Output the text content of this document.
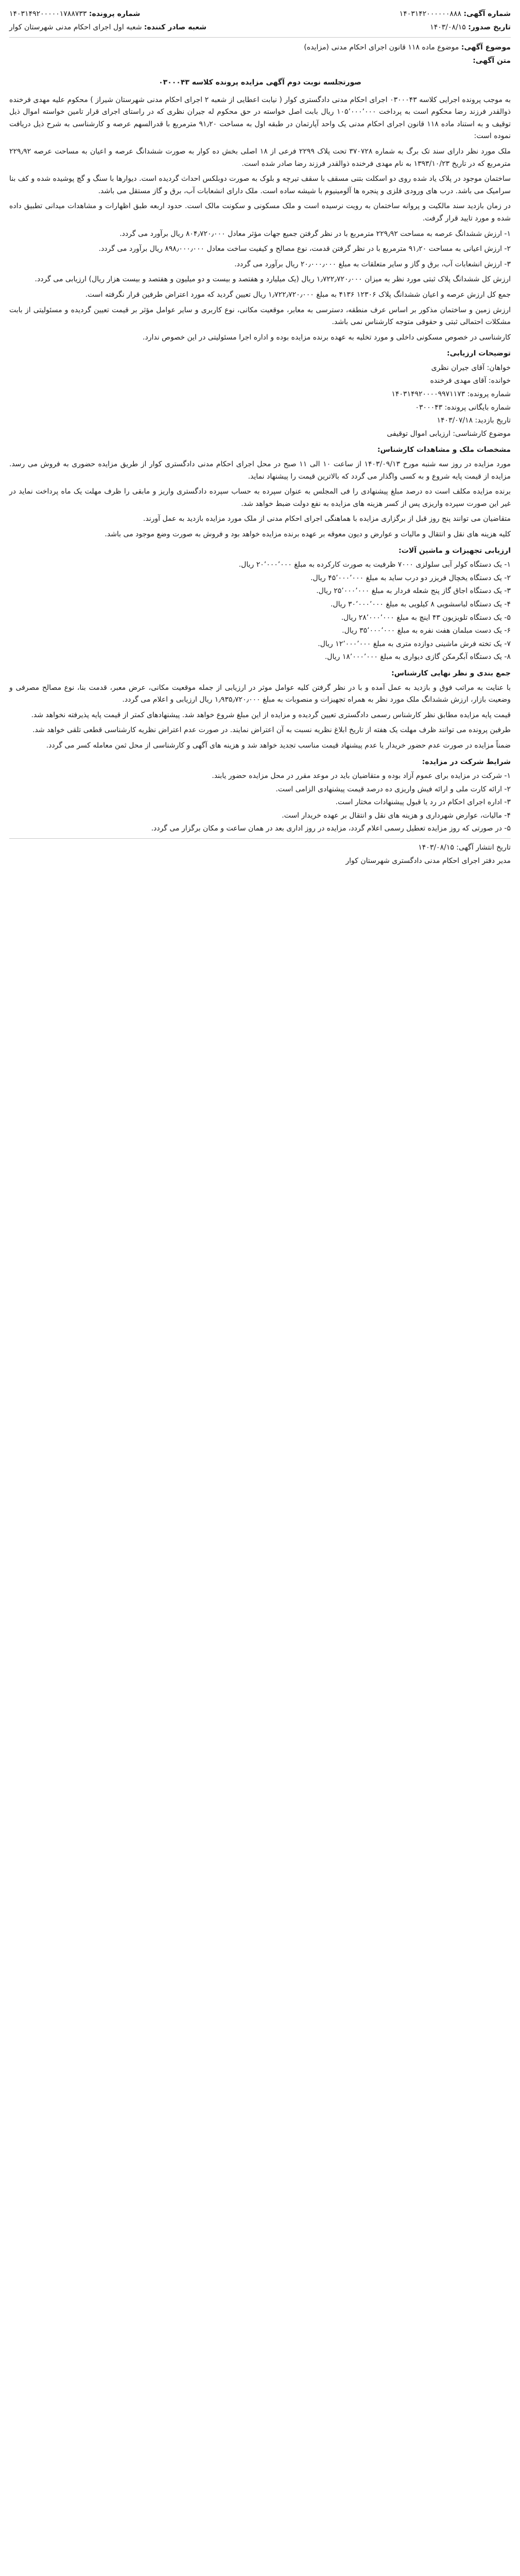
شماره آگهی: ۱۴۰۳۱۴۲۰۰۰۰۰۰۸۸۸
شماره پرونده: ۱۴۰۳۱۴۹۲۰۰۰۰۰۱۷۸۸۷۳۳
تاریخ صدور: ۱۴۰۳/۰۸/۱۵
شعبه صادر کننده: شعبه اول اجرای احکام مدنی شهرستان کوار
موضوع آگهی: موضوع ماده ۱۱۸ قانون اجرای احکام مدنی (مزایده)
متن آگهی:
صورتجلسه نوبت دوم آگهی مزایده پرونده کلاسه ۰۳۰۰۰۴۳

به موجب پرونده اجرایی کلاسه ۰۳۰۰۰۴۳ اجرای احکام مدنی دادگستری کوار ( نیابت اعطایی از شعبه ۲ اجرای احکام مدنی شهرستان شیراز ) محکوم علیه مهدی فرخنده ذوالقدر فرزند رضا محکوم است به پرداخت ۱۰۵٬۰۰۰٬۰۰۰ ریال بابت اصل خواسته در حق محکوم له جیران نظری که در راستای اجرای قرار تامین خواسته اموال ذیل توقیف و به استناد ماده ۱۱۸ قانون اجرای احکام مدنی یک واحد آپارتمان در طبقه اول به مساحت ۹۱٫۲۰ مترمربع با قدرالسهم عرصه و کارشناسی به شرح ذیل دریافت نموده است:

ملک مورد نظر دارای سند تک برگ به شماره ۳۷۰۷۲۸ تحت پلاک ۲۲۹۹ فرعی از ۱۸ اصلی بخش ده کوار به صورت ششدانگ عرصه و اعیان به مساحت عرصه ۲۲۹٫۹۲ مترمربع که در تاریخ ۱۳۹۳/۱۰/۲۳ به نام مهدی فرخنده ذوالقدر فرزند رضا صادر شده است.

ساختمان موجود در پلاک یاد شده روی دو اسکلت بتنی مسقف با سقف تیرچه و بلوک به صورت دوبلکس احداث گردیده است. دیوارها با سنگ و گچ پوشیده شده و کف بنا سرامیک می باشد. درب های ورودی فلزی و پنجره ها آلومینیوم با شیشه ساده است. ملک دارای انشعابات آب، برق و گاز مستقل می باشد.

در زمان بازدید سند مالکیت و پروانه ساختمان به رویت نرسیده است و ملک مسکونی و سکونت مالک است. حدود اربعه طبق اظهارات و مشاهدات میدانی تطبیق داده شده و مورد تایید قرار گرفت.

۱- ارزش ششدانگ عرصه به مساحت ۲۲۹٫۹۲ مترمربع با در نظر گرفتن جمیع جهات مؤثر معادل ۸۰۴٫۷۲۰٫۰۰۰ ریال برآورد می گردد.

۲- ارزش اعیانی به مساحت ۹۱٫۲۰ مترمربع با در نظر گرفتن قدمت، نوع مصالح و کیفیت ساخت معادل ۸۹۸٫۰۰۰٫۰۰۰ ریال برآورد می گردد.

۳- ارزش انشعابات آب، برق و گاز و سایر متعلقات به مبلغ ۲۰٫۰۰۰٫۰۰۰ ریال برآورد می گردد.

ارزش کل ششدانگ پلاک ثبتی مورد نظر به میزان ۱٫۷۲۲٫۷۲۰٫۰۰۰ ریال (یک میلیارد و هفتصد و بیست و دو میلیون و هفتصد و بیست هزار ریال) ارزیابی می گردد.

جمع کل ارزش عرصه و اعیان ششدانگ پلاک ۱۲۳۰۶ ۴۱۳۶ به مبلغ ۱٫۷۲۲٫۷۲۰٫۰۰۰ ریال تعیین گردید که مورد اعتراض طرفین قرار نگرفته است.

ارزش زمین و ساختمان مذکور بر اساس عرف منطقه، دسترسی به معابر، موقعیت مکانی، نوع کاربری و سایر عوامل مؤثر بر قیمت تعیین گردیده و مسئولیتی از بابت مشکلات احتمالی ثبتی و حقوقی متوجه کارشناس نمی باشد.

کارشناسی در خصوص مسکونی داخلی و مورد تخلیه به عهده برنده مزایده بوده و اداره اجرا مسئولیتی در این خصوص ندارد.

توضیحات ارزیابی:
خواهان: آقای جیران نظری
خوانده: آقای مهدی فرخنده
شماره پرونده: ۱۴۰۳۱۴۹۲۰۰۰۰۹۹۷۱۱۷۳
شماره بایگانی پرونده: ۰۳۰۰۰۴۳
تاریخ بازدید: ۱۴۰۳/۰۷/۱۸
موضوع کارشناسی: ارزیابی اموال توقیفی
مشخصات ملک و مشاهدات کارشناس:

مورد مزایده در روز سه شنبه مورخ ۱۴۰۳/۰۹/۱۳ از ساعت ۱۰ الی ۱۱ صبح در محل اجرای احکام مدنی دادگستری کوار از طریق مزایده حضوری به فروش می رسد. مزایده از قیمت پایه شروع و به کسی واگذار می گردد که بالاترین قیمت را پیشنهاد نماید.

برنده مزایده مکلف است ده درصد مبلغ پیشنهادی را فی المجلس به عنوان سپرده به حساب سپرده دادگستری واریز و مابقی را ظرف مهلت یک ماه پرداخت نماید در غیر این صورت سپرده واریزی پس از کسر هزینه های مزایده به نفع دولت ضبط خواهد شد.

متقاضیان می توانند پنج روز قبل از برگزاری مزایده با هماهنگی اجرای احکام مدنی از ملک مورد مزایده بازدید به عمل آورند.

کلیه هزینه های نقل و انتقال و مالیات و عوارض و دیون معوقه بر عهده برنده مزایده خواهد بود و فروش به صورت وضع موجود می باشد.

ارزیابی تجهیزات و ماشین آلات:
۱- یک دستگاه کولر آبی سلولزی ۷۰۰۰ ظرفیت به صورت کارکرده به مبلغ ۲۰٬۰۰۰٬۰۰۰ ریال.
۲- یک دستگاه یخچال فریزر دو درب ساید به مبلغ ۴۵٬۰۰۰٬۰۰۰ ریال.
۳- یک دستگاه اجاق گاز پنج شعله فردار به مبلغ ۲۵٬۰۰۰٬۰۰۰ ریال.
۴- یک دستگاه لباسشویی ۸ کیلویی به مبلغ ۳۰٬۰۰۰٬۰۰۰ ریال.
۵- یک دستگاه تلویزیون ۴۳ اینچ به مبلغ ۲۸٬۰۰۰٬۰۰۰ ریال.
۶- یک دست مبلمان هفت نفره به مبلغ ۳۵٬۰۰۰٬۰۰۰ ریال.
۷- یک تخته فرش ماشینی دوازده متری به مبلغ ۱۲٬۰۰۰٬۰۰۰ ریال.
۸- یک دستگاه آبگرمکن گازی دیواری به مبلغ ۱۸٬۰۰۰٬۰۰۰ ریال.
جمع بندی و نظر نهایی کارشناس:

با عنایت به مراتب فوق و بازدید به عمل آمده و با در نظر گرفتن کلیه عوامل موثر در ارزیابی از جمله موقعیت مکانی، عرض معبر، قدمت بنا، نوع مصالح مصرفی و وضعیت بازار، ارزش ششدانگ ملک مورد نظر به همراه تجهیزات و منصوبات به مبلغ ۱٫۹۳۵٫۷۲۰٫۰۰۰ ریال ارزیابی و اعلام می گردد.

قیمت پایه مزایده مطابق نظر کارشناس رسمی دادگستری تعیین گردیده و مزایده از این مبلغ شروع خواهد شد. پیشنهادهای کمتر از قیمت پایه پذیرفته نخواهد شد.

طرفین پرونده می توانند ظرف مهلت یک هفته از تاریخ ابلاغ نظریه نسبت به آن اعتراض نمایند. در صورت عدم اعتراض نظریه کارشناسی قطعی تلقی خواهد شد.

ضمناً مزایده در صورت عدم حضور خریدار یا عدم پیشنهاد قیمت مناسب تجدید خواهد شد و هزینه های آگهی و کارشناسی از محل ثمن معامله کسر می گردد.

شرایط شرکت در مزایده:
۱- شرکت در مزایده برای عموم آزاد بوده و متقاضیان باید در موعد مقرر در محل مزایده حضور یابند.
۲- ارائه کارت ملی و ارائه فیش واریزی ده درصد قیمت پیشنهادی الزامی است.
۳- اداره اجرای احکام در رد یا قبول پیشنهادات مختار است.
۴- مالیات، عوارض شهرداری و هزینه های نقل و انتقال بر عهده خریدار است.
۵- در صورتی که روز مزایده تعطیل رسمی اعلام گردد، مزایده در روز اداری بعد در همان ساعت و مکان برگزار می گردد.
تاریخ انتشار آگهی: ۱۴۰۳/۰۸/۱۵
مدیر دفتر اجرای احکام مدنی دادگستری شهرستان کوار
